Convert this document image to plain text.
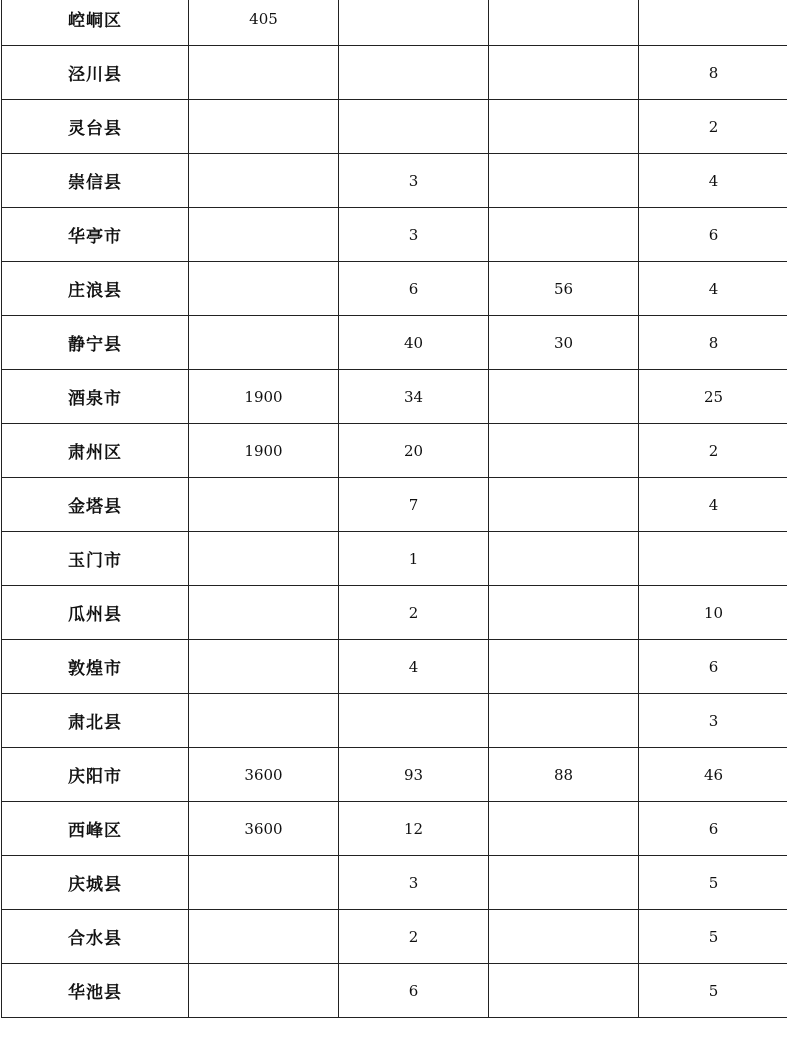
崆峒区	405			
泾川县				8
灵台县				2
崇信县		3		4
华亭市		3		6
庄浪县		6	56	4
静宁县		40	30	8
酒泉市	1900	34		25
肃州区	1900	20		2
金塔县		7		4
玉门市		1		
瓜州县		2		10
敦煌市		4		6
肃北县				3
庆阳市	3600	93	88	46
西峰区	3600	12		6
庆城县		3		5
合水县		2		5
华池县		6		5
